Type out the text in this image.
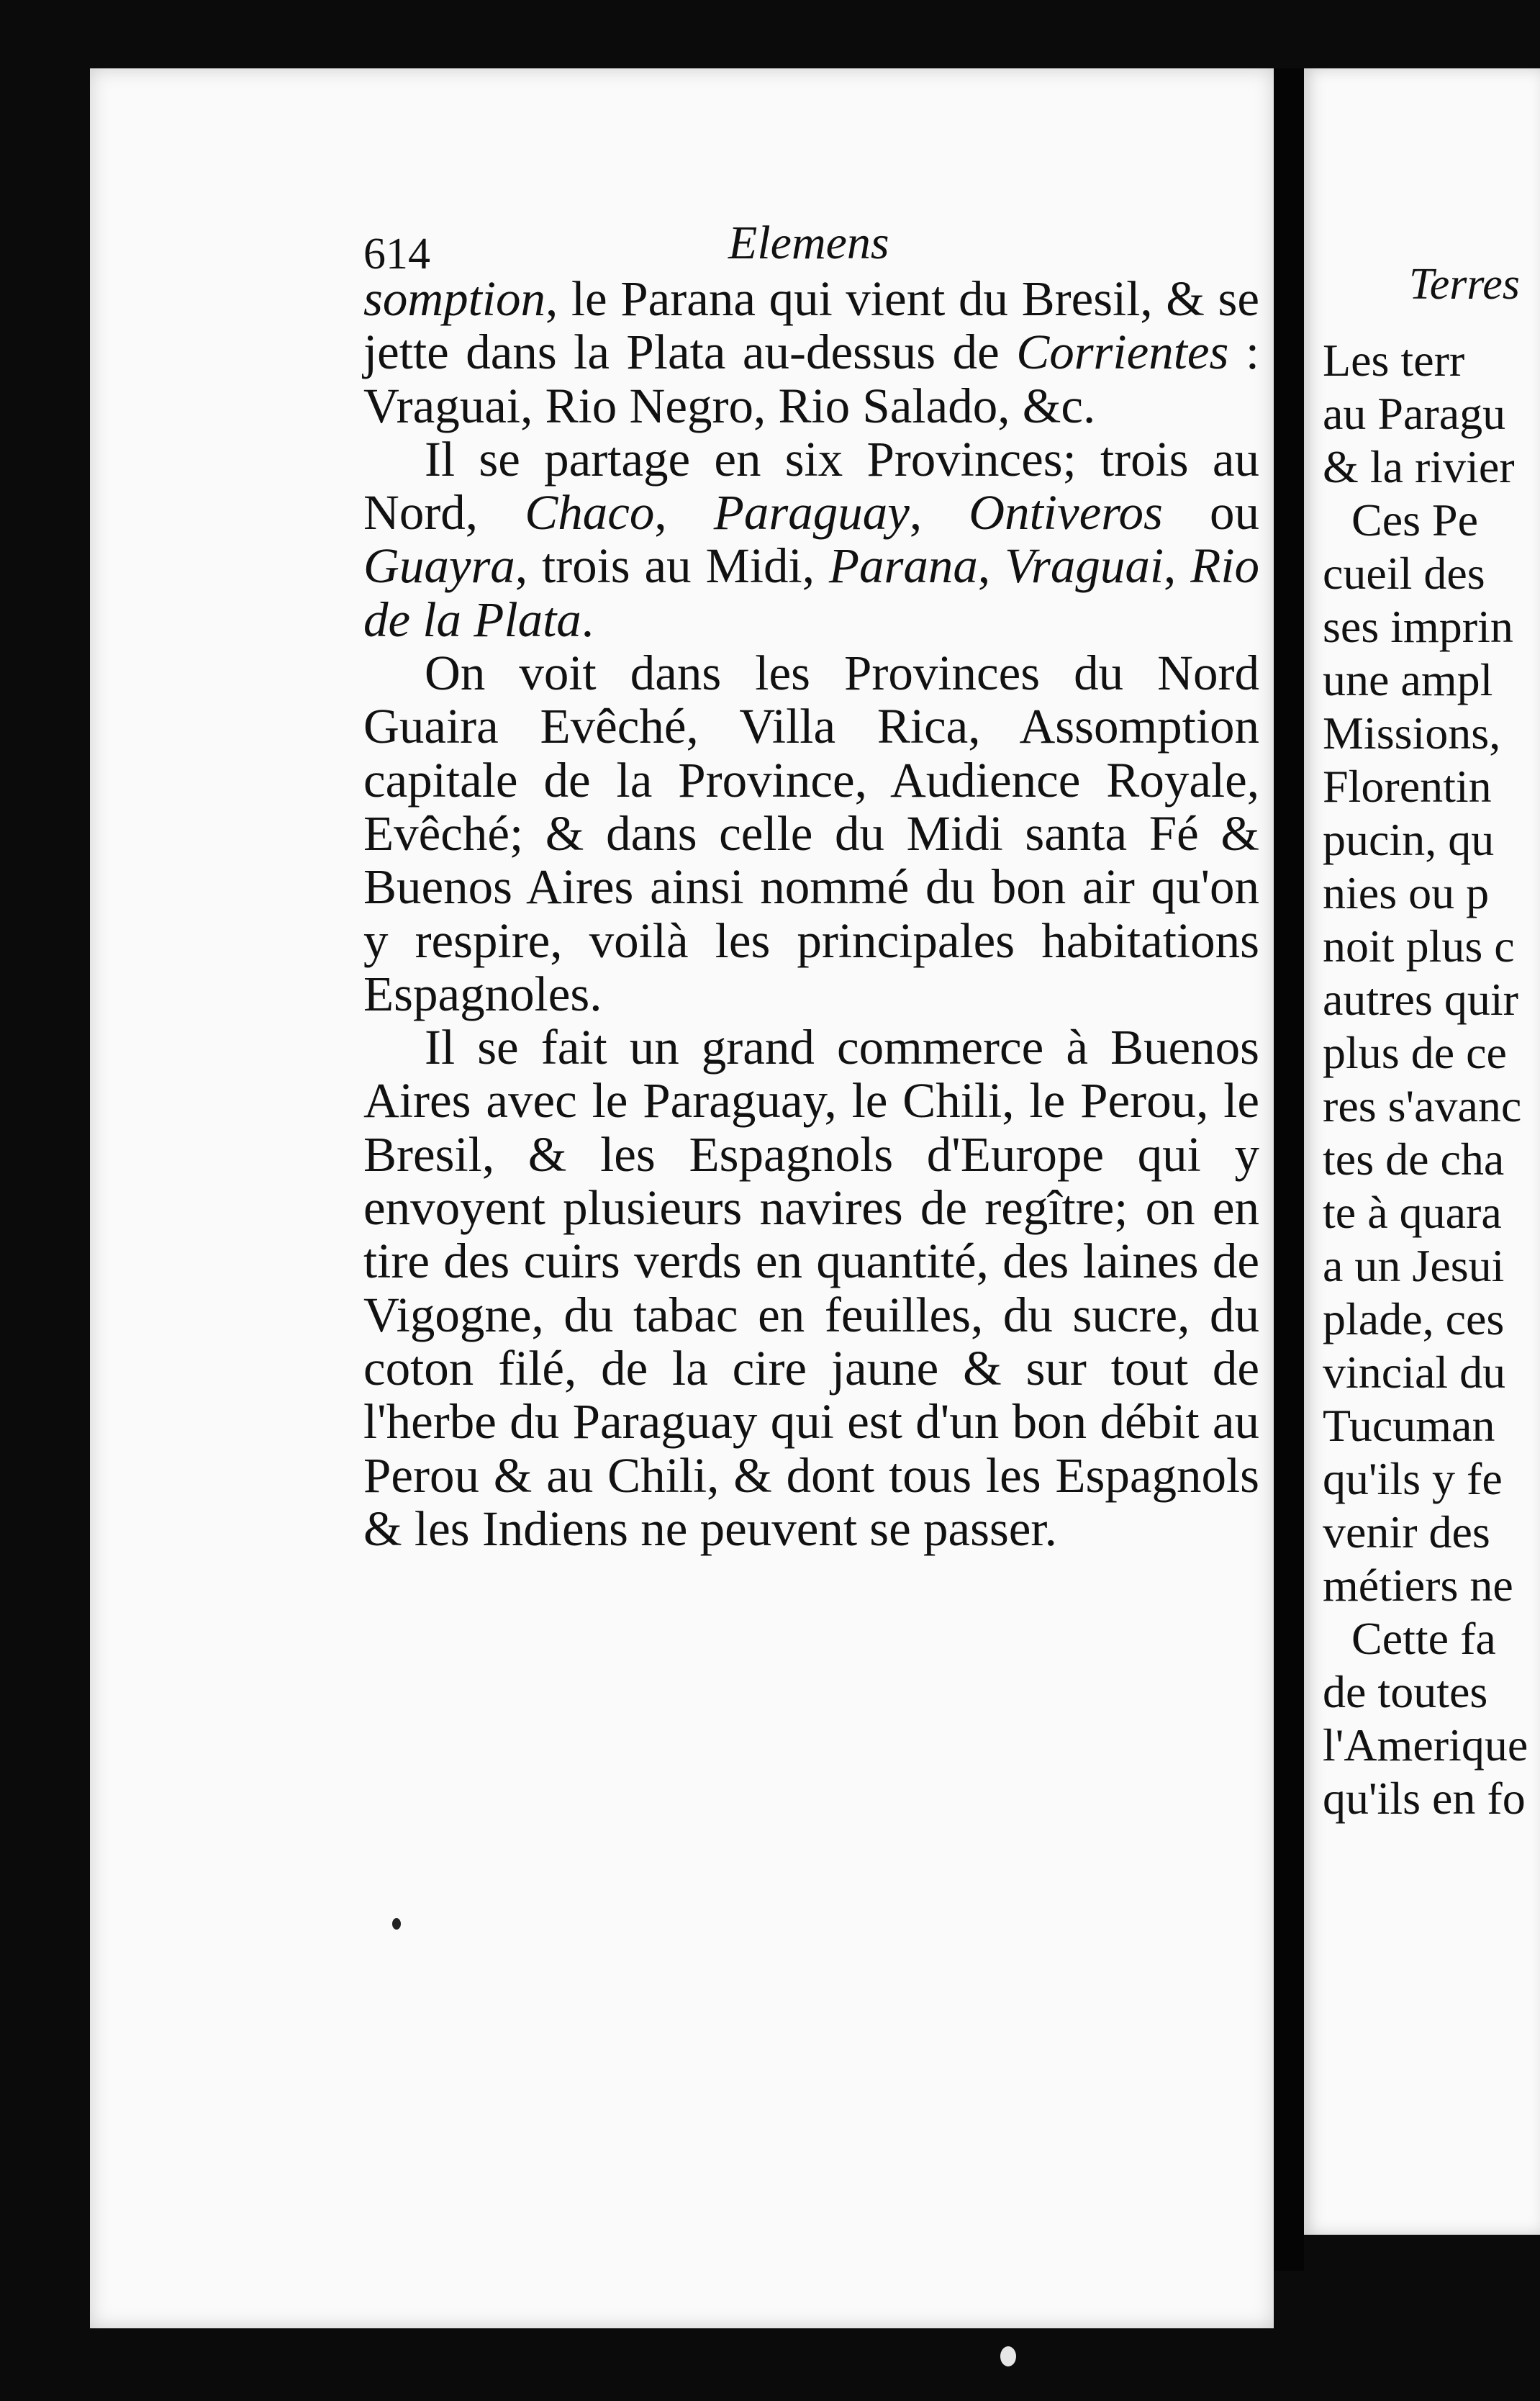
614	Elemens

somption, le Parana qui vient du Bresil, & se jette dans la Plata au-dessus de Corrientes : Vraguai, Rio Negro, Rio Salado, &c.

Il se partage en six Provinces; trois au Nord, Chaco, Paraguay, Ontiveros ou Guayra, trois au Midi, Parana, Vraguai, Rio de la Plata.

On voit dans les Provinces du Nord Guaira Evêché, Villa Rica, Assomption capitale de la Province, Audience Royale, Evêché; & dans celle du Midi santa Fé & Buenos Aires ainsi nommé du bon air qu'on y respire, voilà les principales habitations Espagnoles.

Il se fait un grand commerce à Buenos Aires avec le Paraguay, le Chili, le Perou, le Bresil, & les Espagnols d'Europe qui y envoyent plusieurs navires de regître; on en tire des cuirs verds en quantité, des laines de Vigogne, du tabac en feuilles, du sucre, du coton filé, de la cire jaune & sur tout de l'herbe du Paraguay qui est d'un bon débit au Perou & au Chili, & dont tous les Espagnols & les Indiens ne peuvent se passer.

Terres
Les terr
au Paragu
& la rivier
Ces Pe
cueil des
ses imprin
une ampl
Missions,
Florentin
pucin, qu
nies ou p
noit plus c
autres quir
plus de ce
res s'avanc
tes de cha
te à quara
a un Jesui
plade, ces
vincial du
Tucuman
qu'ils y fe
venir des
métiers ne
Cette fa
de toutes
l'Amerique
qu'ils en fo
